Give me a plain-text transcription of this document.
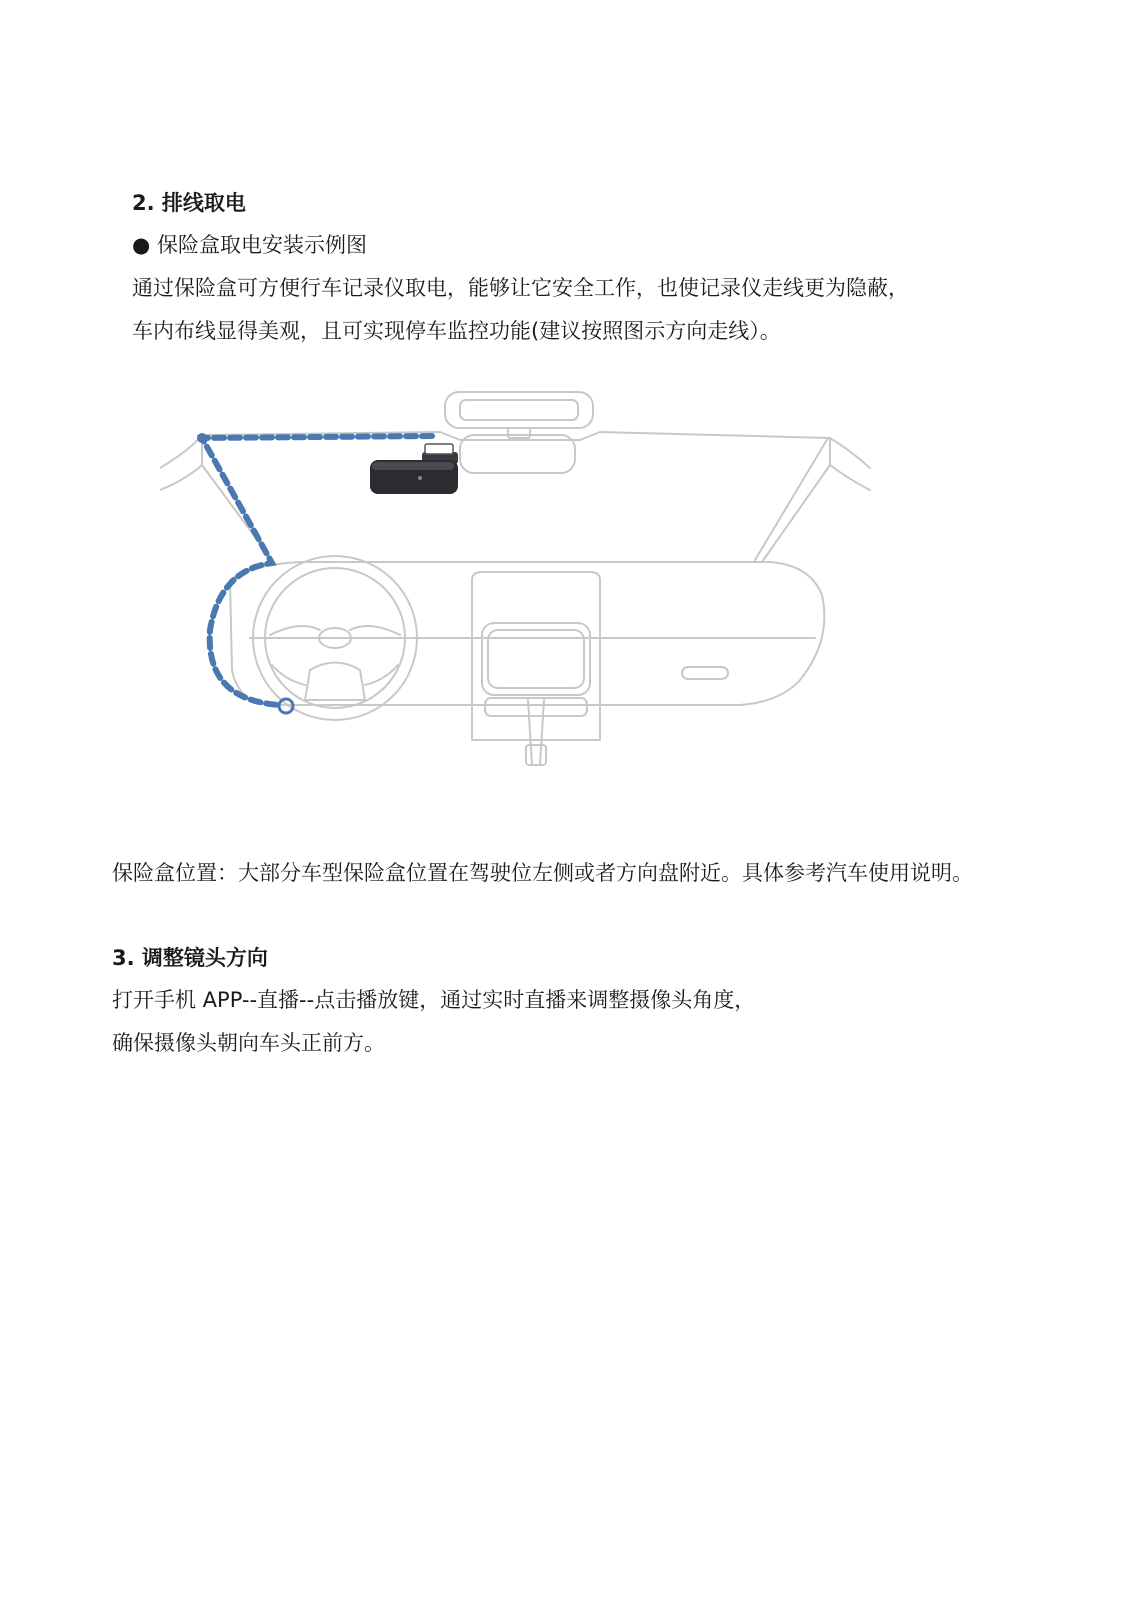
2. 排线取电
● 保险盒取电安装示例图
通过保险盒可方便行车记录仪取电，能够让它安全工作，也使记录仪走线更为隐蔽，
车内布线显得美观，且可实现停车监控功能(建议按照图示方向走线）。
保险盒位置：大部分车型保险盒位置在驾驶位左侧或者方向盘附近。具体参考汽车使用说明。
3. 调整镜头方向
打开手机 APP--直播--点击播放键，通过实时直播来调整摄像头角度，
确保摄像头朝向车头正前方。
